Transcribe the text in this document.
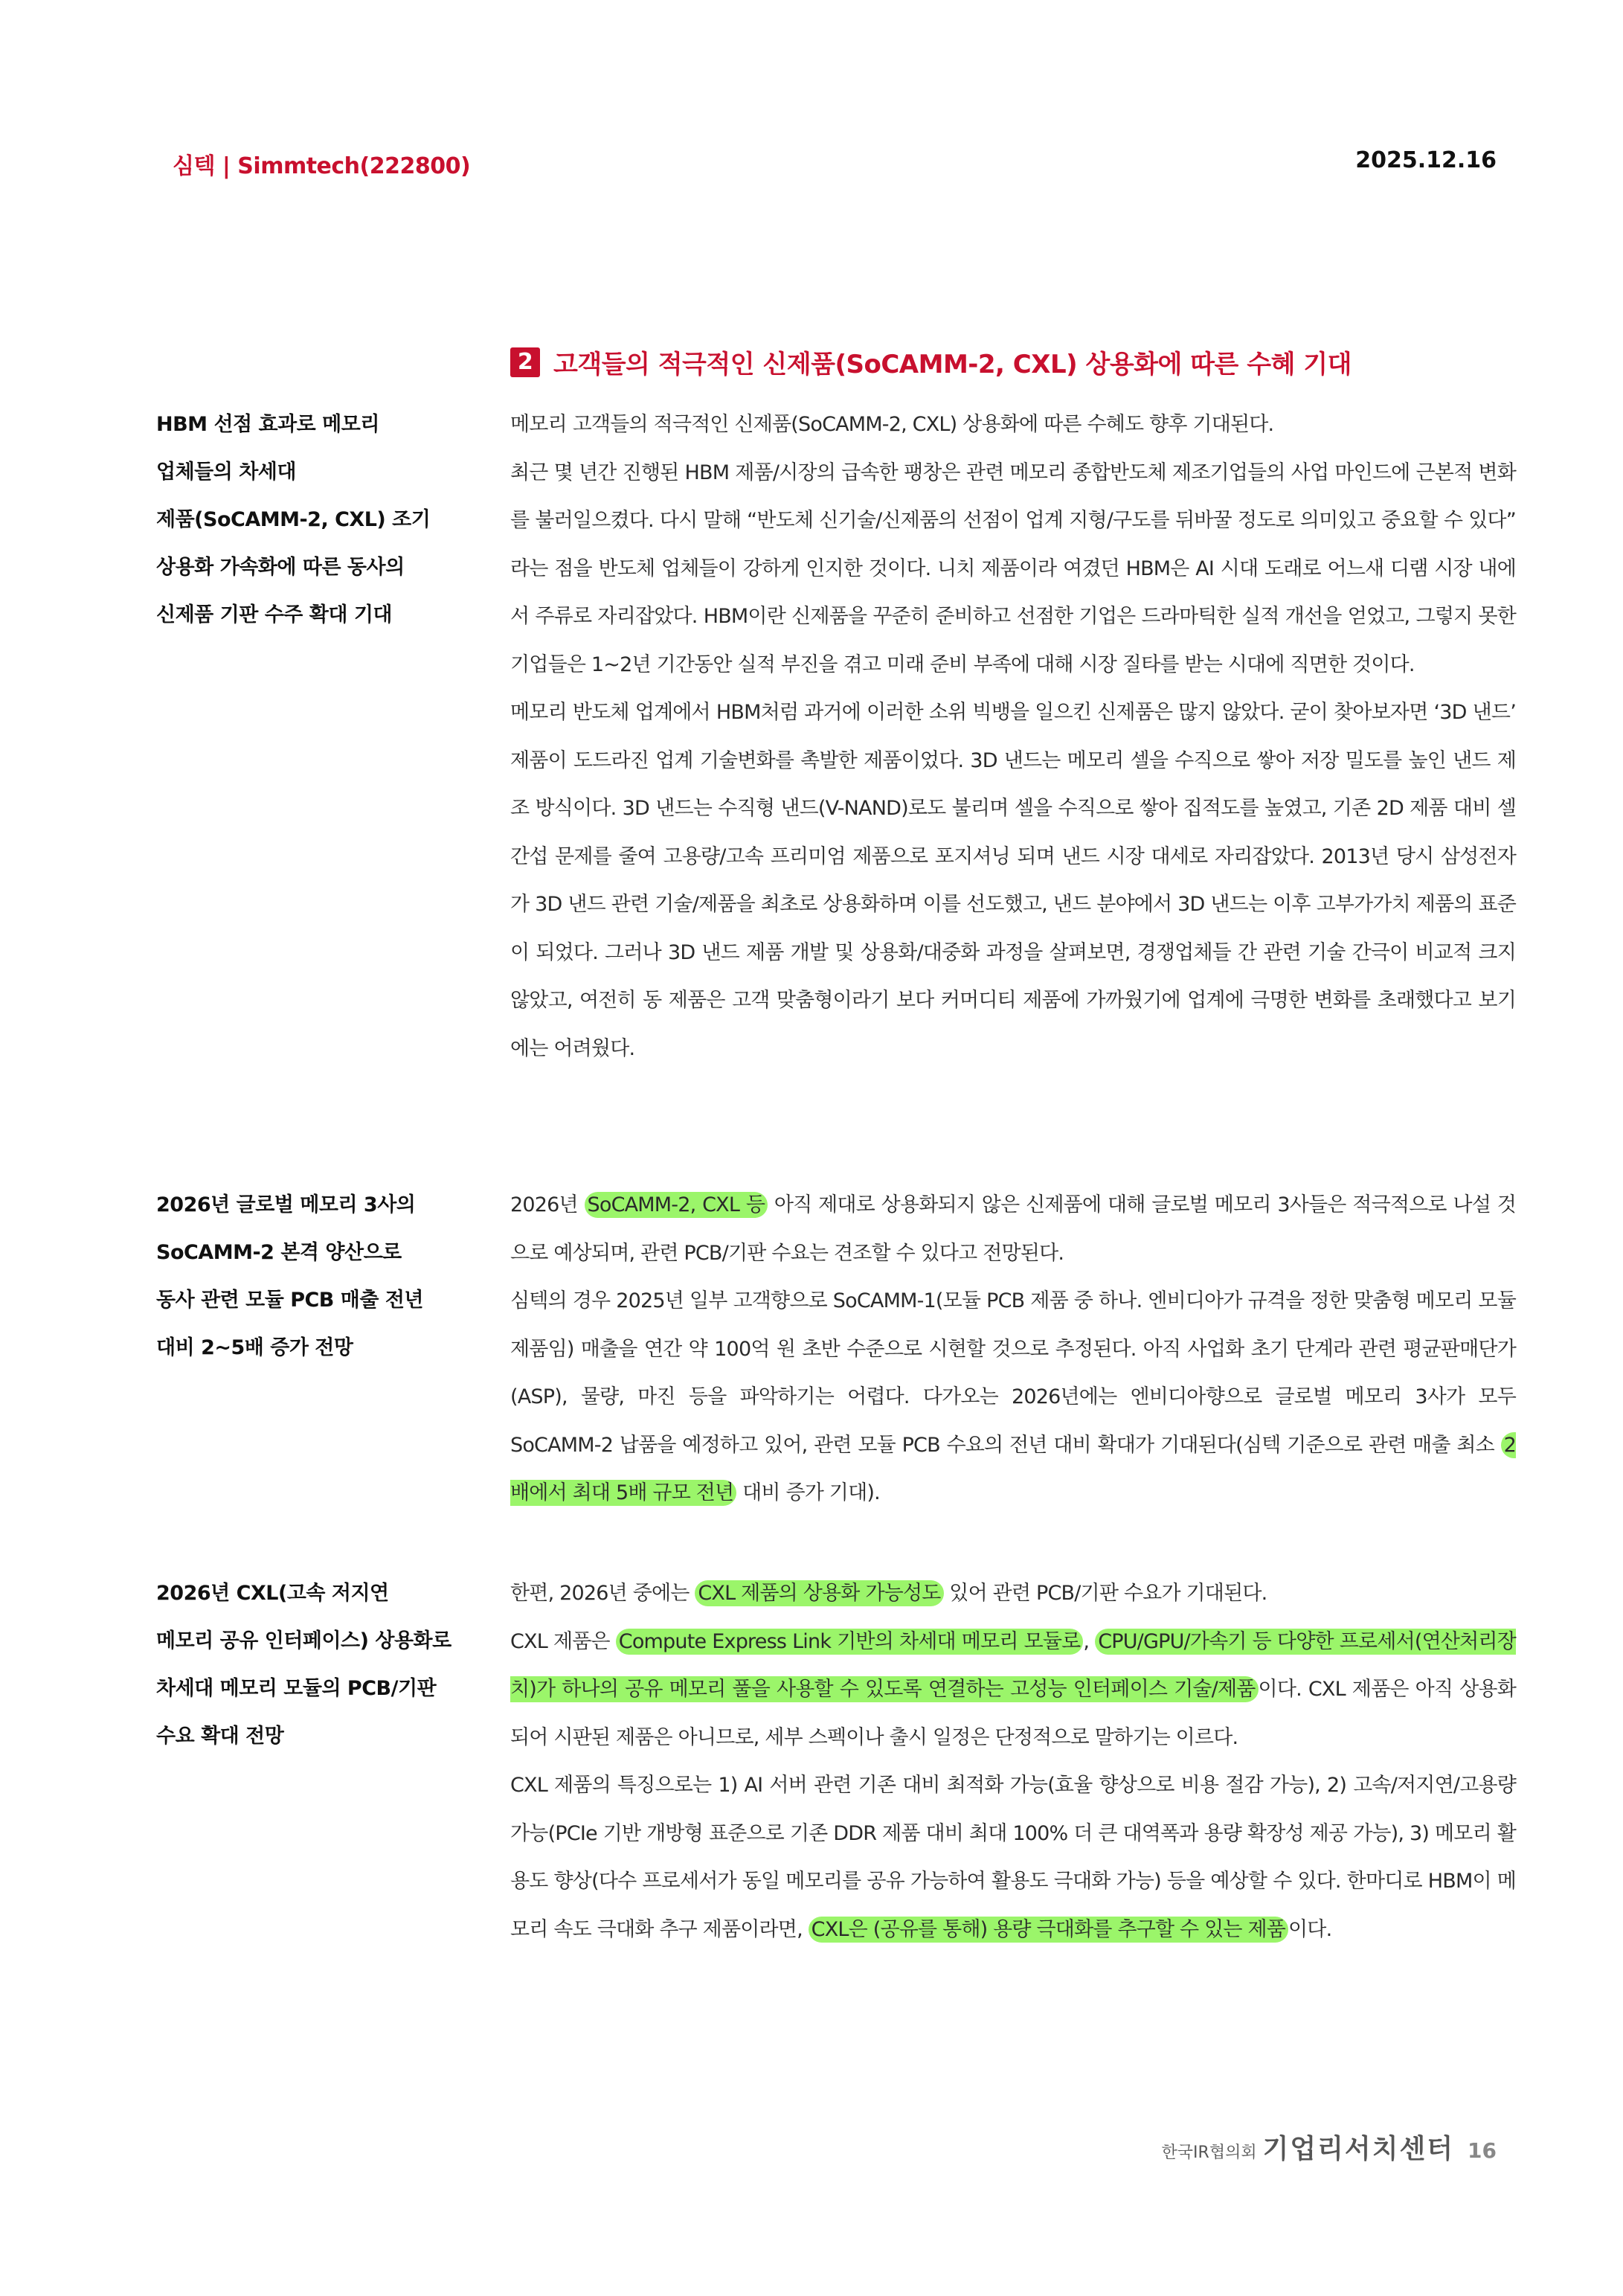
심텍 | Simmtech(222800)	2025.12.16
2 고객들의 적극적인 신제품(SoCAMM-2, CXL) 상용화에 따른 수혜 기대
HBM 선점 효과로 메모리
업체들의 차세대
제품(SoCAMM-2, CXL) 조기
상용화 가속화에 따른 동사의
신제품 기판 수주 확대 기대

메모리 고객들의 적극적인 신제품(SoCAMM-2, CXL) 상용화에 따른 수혜도 향후 기대된다.

최근 몇 년간 진행된 HBM 제품/시장의 급속한 팽창은 관련 메모리 종합반도체 제조기업들의 사업 마인드에 근본적 변화를 불러일으켰다. 다시 말해 “반도체 신기술/신제품의 선점이 업계 지형/구도를 뒤바꿀 정도로 의미있고 중요할 수 있다” 라는 점을 반도체 업체들이 강하게 인지한 것이다. 니치 제품이라 여겼던 HBM은 AI 시대 도래로 어느새 디램 시장 내에서 주류로 자리잡았다. HBM이란 신제품을 꾸준히 준비하고 선점한 기업은 드라마틱한 실적 개선을 얻었고, 그렇지 못한 기업들은 1~2년 기간동안 실적 부진을 겪고 미래 준비 부족에 대해 시장 질타를 받는 시대에 직면한 것이다.

메모리 반도체 업계에서 HBM처럼 과거에 이러한 소위 빅뱅을 일으킨 신제품은 많지 않았다. 굳이 찾아보자면 ‘3D 낸드’ 제품이 도드라진 업계 기술변화를 촉발한 제품이었다. 3D 낸드는 메모리 셀을 수직으로 쌓아 저장 밀도를 높인 낸드 제조 방식이다. 3D 낸드는 수직형 낸드(V-NAND)로도 불리며 셀을 수직으로 쌓아 집적도를 높였고, 기존 2D 제품 대비 셀 간섭 문제를 줄여 고용량/고속 프리미엄 제품으로 포지셔닝 되며 낸드 시장 대세로 자리잡았다. 2013년 당시 삼성전자가 3D 낸드 관련 기술/제품을 최초로 상용화하며 이를 선도했고, 낸드 분야에서 3D 낸드는 이후 고부가가치 제품의 표준이 되었다. 그러나 3D 낸드 제품 개발 및 상용화/대중화 과정을 살펴보면, 경쟁업체들 간 관련 기술 간극이 비교적 크지 않았고, 여전히 동 제품은 고객 맞춤형이라기 보다 커머디티 제품에 가까웠기에 업계에 극명한 변화를 초래했다고 보기에는 어려웠다.

2026년 글로벌 메모리 3사의
SoCAMM-2 본격 양산으로
동사 관련 모듈 PCB 매출 전년
대비 2~5배 증가 전망

2026년 SoCAMM-2, CXL 등 아직 제대로 상용화되지 않은 신제품에 대해 글로벌 메모리 3사들은 적극적으로 나설 것으로 예상되며, 관련 PCB/기판 수요는 견조할 수 있다고 전망된다.

심텍의 경우 2025년 일부 고객향으로 SoCAMM-1(모듈 PCB 제품 중 하나. 엔비디아가 규격을 정한 맞춤형 메모리 모듈 제품임) 매출을 연간 약 100억 원 초반 수준으로 시현할 것으로 추정된다. 아직 사업화 초기 단계라 관련 평균판매단가(ASP), 물량, 마진 등을 파악하기는 어렵다. 다가오는 2026년에는 엔비디아향으로 글로벌 메모리 3사가 모두 SoCAMM-2 납품을 예정하고 있어, 관련 모듈 PCB 수요의 전년 대비 확대가 기대된다(심텍 기준으로 관련 매출 최소 2배에서 최대 5배 규모 전년 대비 증가 기대).

2026년 CXL(고속 저지연
메모리 공유 인터페이스) 상용화로
차세대 메모리 모듈의 PCB/기판
수요 확대 전망

한편, 2026년 중에는 CXL 제품의 상용화 가능성도 있어 관련 PCB/기판 수요가 기대된다.

CXL 제품은 Compute Express Link 기반의 차세대 메모리 모듈로 , CPU/GPU/가속기 등 다양한 프로세서(연산처리장치)가 하나의 공유 메모리 풀을 사용할 수 있도록 연결하는 고성능 인터페이스 기술/제품 이다. CXL 제품은 아직 상용화되어 시판된 제품은 아니므로, 세부 스펙이나 출시 일정은 단정적으로 말하기는 이르다.

CXL 제품의 특징으로는 1) AI 서버 관련 기존 대비 최적화 가능(효율 향상으로 비용 절감 가능), 2) 고속/저지연/고용량 가능(PCIe 기반 개방형 표준으로 기존 DDR 제품 대비 최대 100% 더 큰 대역폭과 용량 확장성 제공 가능), 3) 메모리 활용도 향상(다수 프로세서가 동일 메모리를 공유 가능하여 활용도 극대화 가능) 등을 예상할 수 있다. 한마디로 HBM이 메모리 속도 극대화 추구 제품이라면, CXL은 (공유를 통해) 용량 극대화를 추구할 수 있는 제품 이다.

한국IR협의회 기업리서치센터 16
